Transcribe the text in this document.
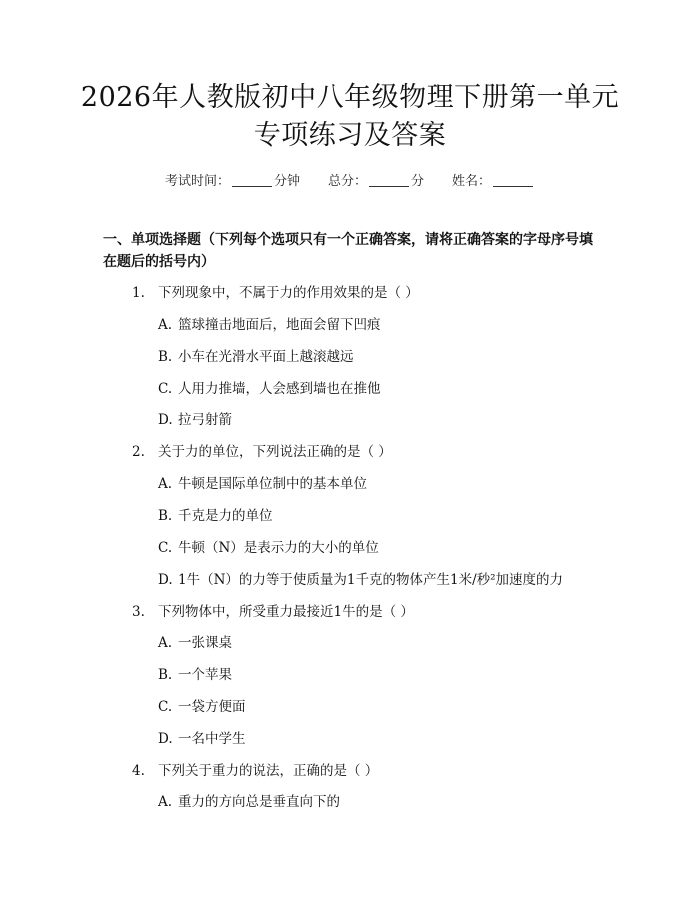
2026年人教版初中八年级物理下册第一单元
专项练习及答案
考试时间：	分钟 总分：	分 姓名：
一、单项选择题（下列每个选项只有一个正确答案，请将正确答案的字母序号填在题后的括号内）
1. 下列现象中，不属于力的作用效果的是（ ）
A. 篮球撞击地面后，地面会留下凹痕
B. 小车在光滑水平面上越滚越远
C. 人用力推墙，人会感到墙也在推他
D. 拉弓射箭
2. 关于力的单位，下列说法正确的是（ ）
A. 牛顿是国际单位制中的基本单位
B. 千克是力的单位
C. 牛顿（N）是表示力的大小的单位
D. 1牛（N）的力等于使质量为1千克的物体产生1米/秒²加速度的力
3. 下列物体中，所受重力最接近1牛的是（ ）
A. 一张课桌
B. 一个苹果
C. 一袋方便面
D. 一名中学生
4. 下列关于重力的说法，正确的是（ ）
A. 重力的方向总是垂直向下的
